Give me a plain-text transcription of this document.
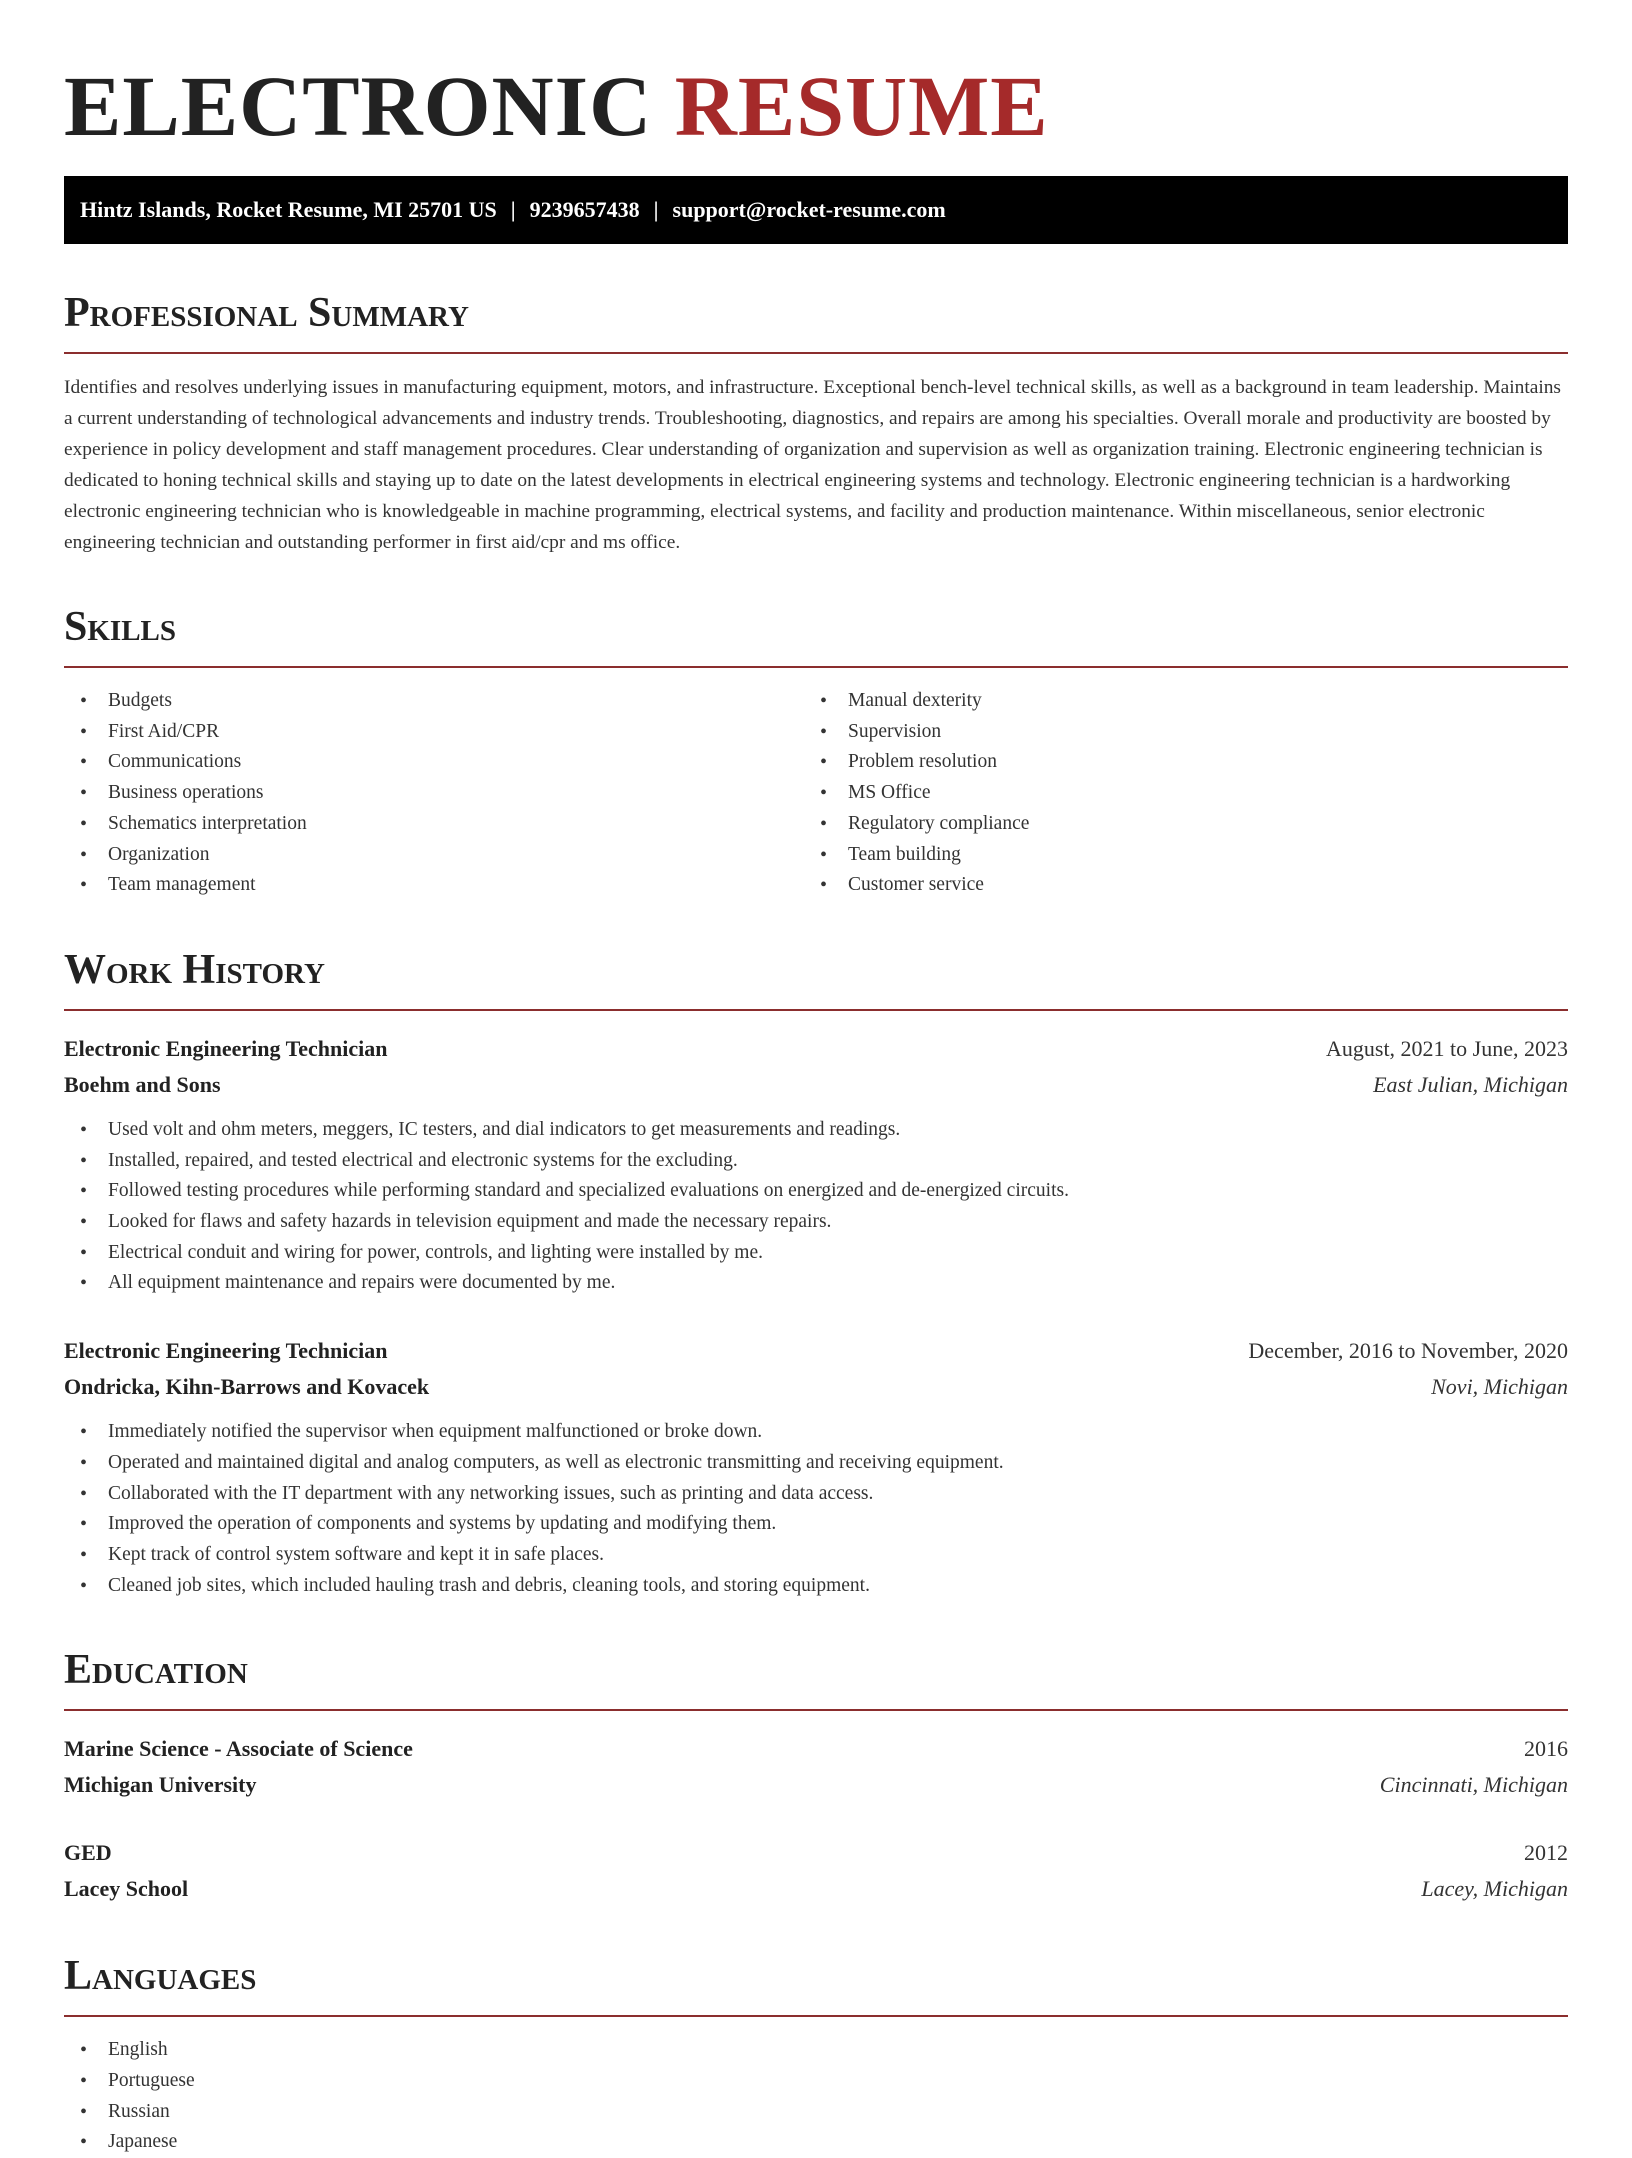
ELECTRONIC RESUME
Hintz Islands, Rocket Resume, MI 25701 US | 9239657438 | support@rocket-resume.com
Professional Summary

Identifies and resolves underlying issues in manufacturing equipment, motors, and infrastructure. Exceptional bench-level technical skills, as well as a background in team leadership. Maintains a current understanding of technological advancements and industry trends. Troubleshooting, diagnostics, and repairs are among his specialties. Overall morale and productivity are boosted by experience in policy development and staff management procedures. Clear understanding of organization and supervision as well as organization training. Electronic engineering technician is dedicated to honing technical skills and staying up to date on the latest developments in electrical engineering systems and technology. Electronic engineering technician is a hardworking electronic engineering technician who is knowledgeable in machine programming, electrical systems, and facility and production maintenance. Within miscellaneous, senior electronic engineering technician and outstanding performer in first aid/cpr and ms office.

Skills
• Budgets
• First Aid/CPR
• Communications
• Business operations
• Schematics interpretation
• Organization
• Team management
• Manual dexterity
• Supervision
• Problem resolution
• MS Office
• Regulatory compliance
• Team building
• Customer service
Work History
Electronic Engineering Technician	August, 2021 to June, 2023
Boehm and Sons	East Julian, Michigan
• Used volt and ohm meters, meggers, IC testers, and dial indicators to get measurements and readings.
• Installed, repaired, and tested electrical and electronic systems for the excluding.
• Followed testing procedures while performing standard and specialized evaluations on energized and de-energized circuits.
• Looked for flaws and safety hazards in television equipment and made the necessary repairs.
• Electrical conduit and wiring for power, controls, and lighting were installed by me.
• All equipment maintenance and repairs were documented by me.
Electronic Engineering Technician	December, 2016 to November, 2020
Ondricka, Kihn-Barrows and Kovacek	Novi, Michigan
• Immediately notified the supervisor when equipment malfunctioned or broke down.
• Operated and maintained digital and analog computers, as well as electronic transmitting and receiving equipment.
• Collaborated with the IT department with any networking issues, such as printing and data access.
• Improved the operation of components and systems by updating and modifying them.
• Kept track of control system software and kept it in safe places.
• Cleaned job sites, which included hauling trash and debris, cleaning tools, and storing equipment.
Education
Marine Science - Associate of Science	2016
Michigan University	Cincinnati, Michigan
GED	2012
Lacey School	Lacey, Michigan
Languages
• English
• Portuguese
• Russian
• Japanese
